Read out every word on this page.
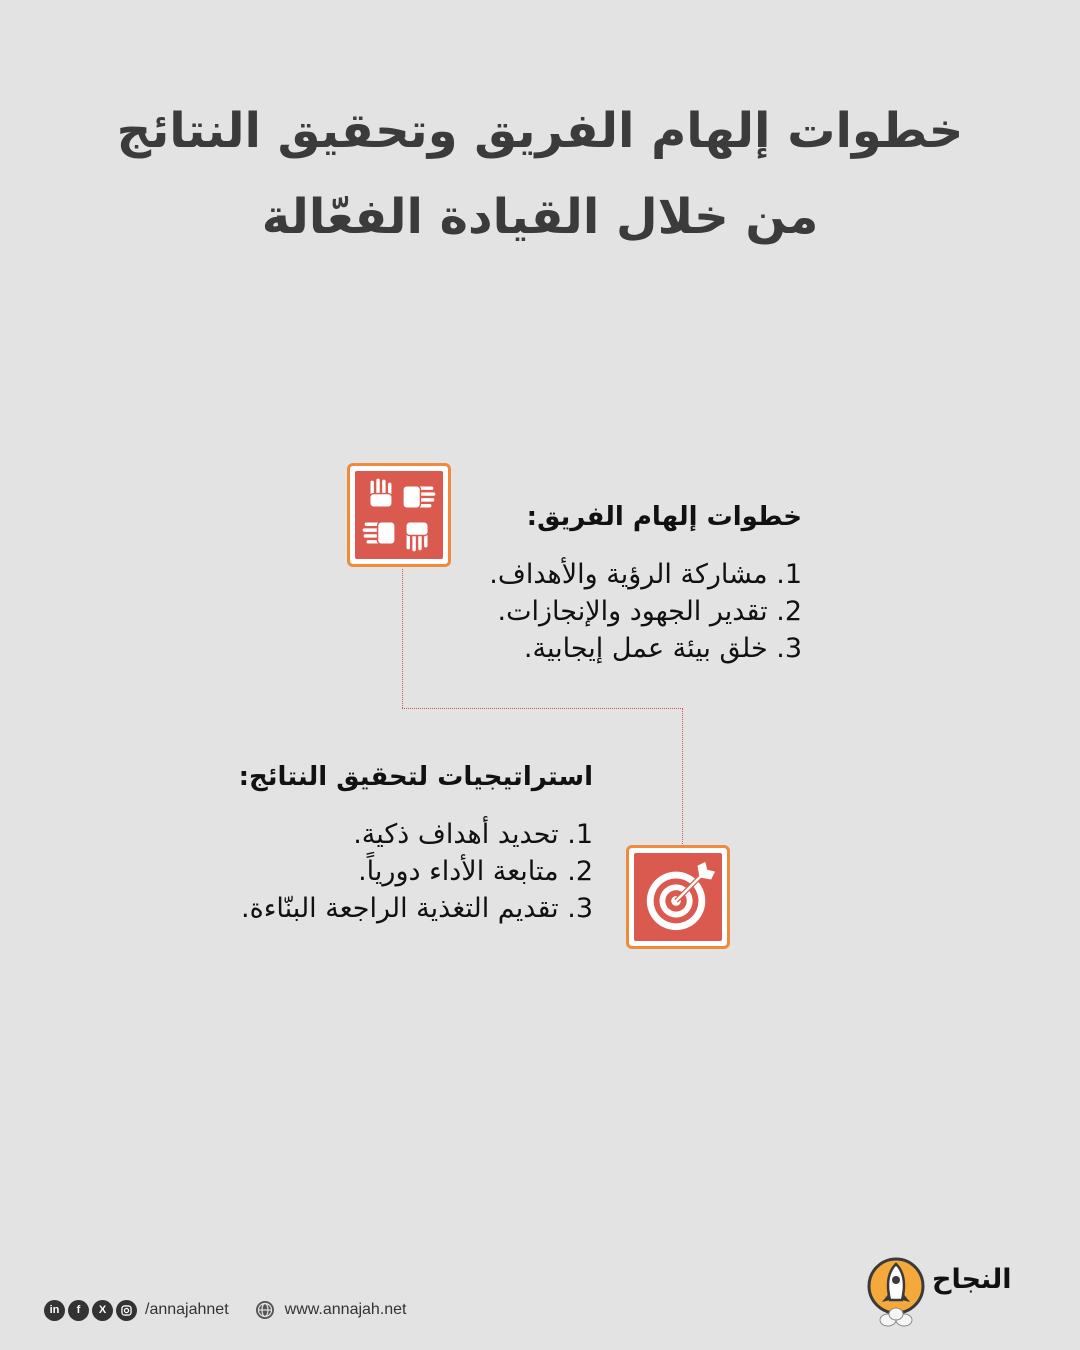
خطوات إلهام الفريق وتحقيق النتائج
من خلال القيادة الفعّالة
خطوات إلهام الفريق:
1. مشاركة الرؤية والأهداف.
2. تقدير الجهود والإنجازات.
3. خلق بيئة عمل إيجابية.
استراتيجيات لتحقيق النتائج:
1. تحديد أهداف ذكية.
2. متابعة الأداء دورياً.
3. تقديم التغذية الراجعة البنّاءة.
in	f	X	/annajahnet	www.annajah.net
النجاح
